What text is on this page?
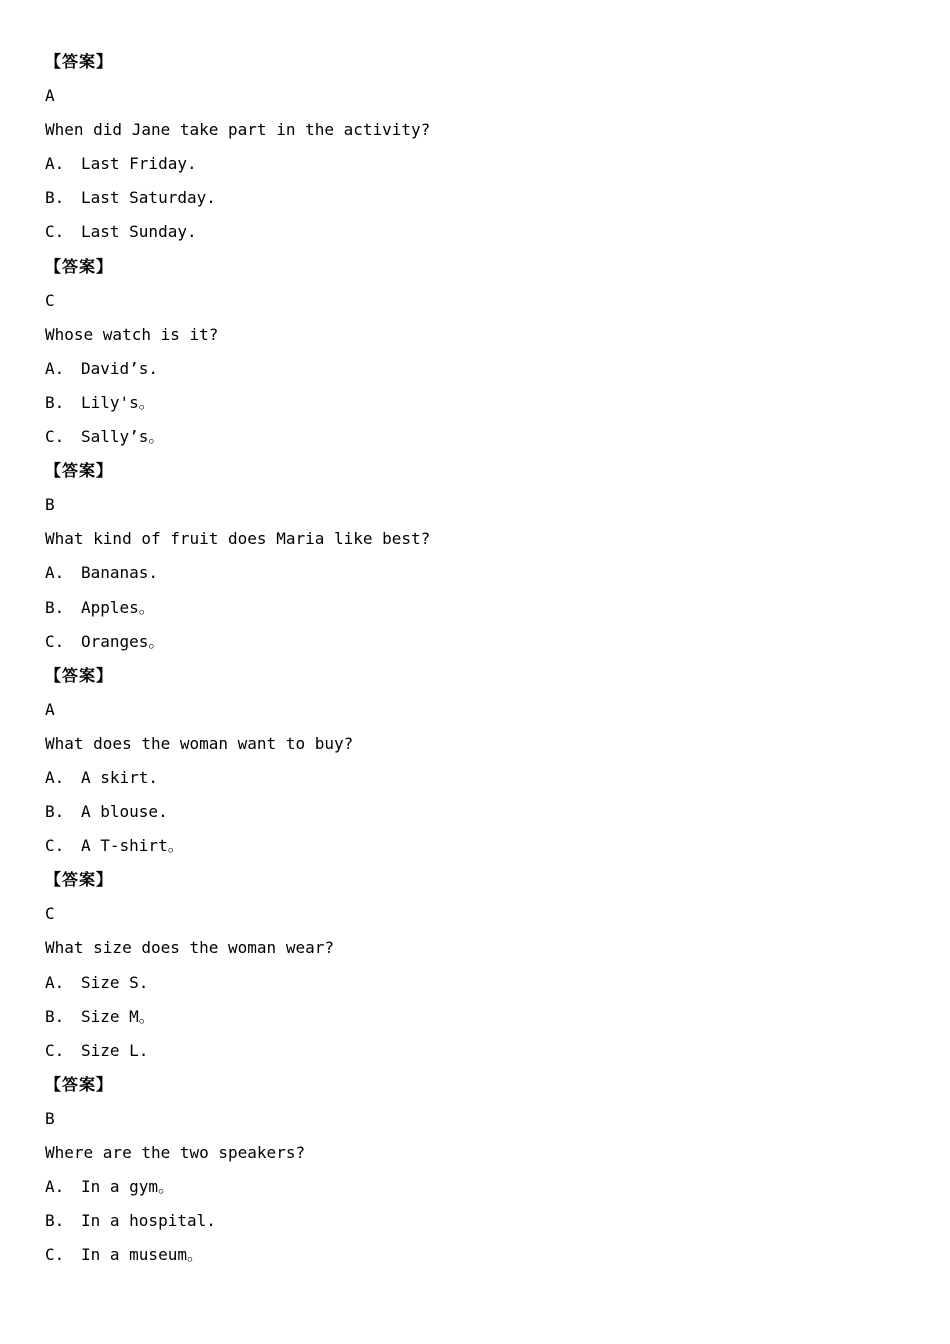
【答案】
A
When did Jane take part in the activity?
A. Last Friday.
B. Last Saturday.
C. Last Sunday.
【答案】
C
Whose watch is it?
A. David’s.
B. Lily's。
C. Sally’s。
【答案】
B
What kind of fruit does Maria like best?
A. Bananas.
B. Apples。
C. Oranges。
【答案】
A
What does the woman want to buy?
A. A skirt.
B. A blouse.
C. A T-shirt。
【答案】
C
What size does the woman wear?
A. Size S.
B. Size M。
C. Size L.
【答案】
B
Where are the two speakers?
A. In a gym。
B. In a hospital.
C. In a museum。
